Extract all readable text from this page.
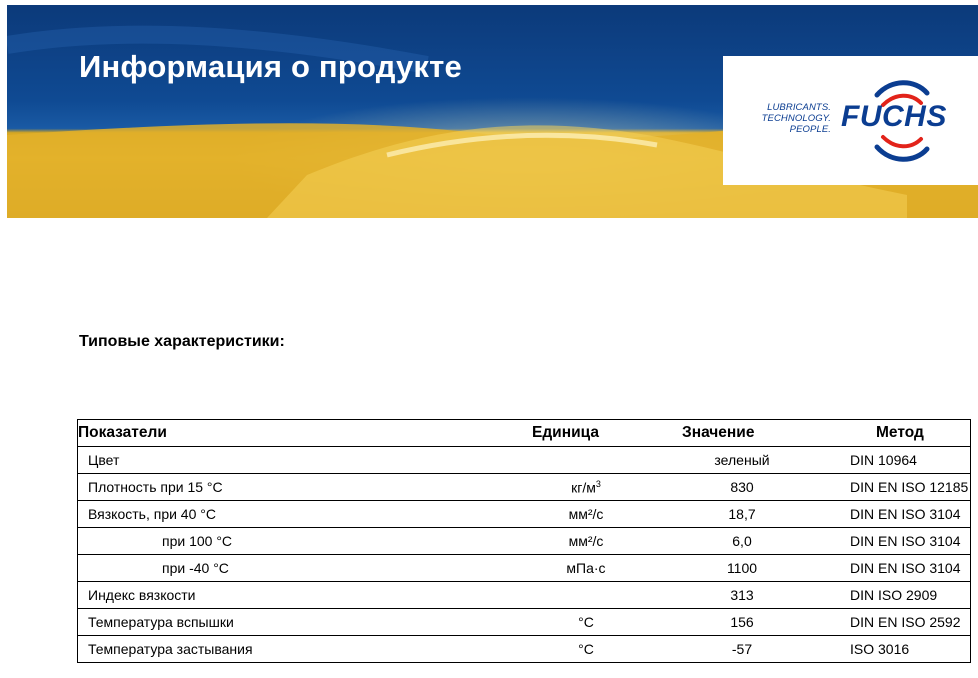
Информация о продукте
LUBRICANTS.
TECHNOLOGY.
PEOPLE. FUCHS
Типовые характеристики:
Показатели	Единица	Значение	Метод
Цвет		зеленый	DIN 10964
Плотность при 15 °C	$кг/м^3$	830	DIN EN ISO 12185
Вязкость, при 40 °C	мм²/с	18,7	DIN EN ISO 3104
при 100 °C	мм²/с	6,0	DIN EN ISO 3104
при -40 °C	мПа·с	1100	DIN EN ISO 3104
Индекс вязкости		313	DIN ISO 2909
Температура вспышки	°C	156	DIN EN ISO 2592
Температура застывания	°C	-57	ISO 3016
